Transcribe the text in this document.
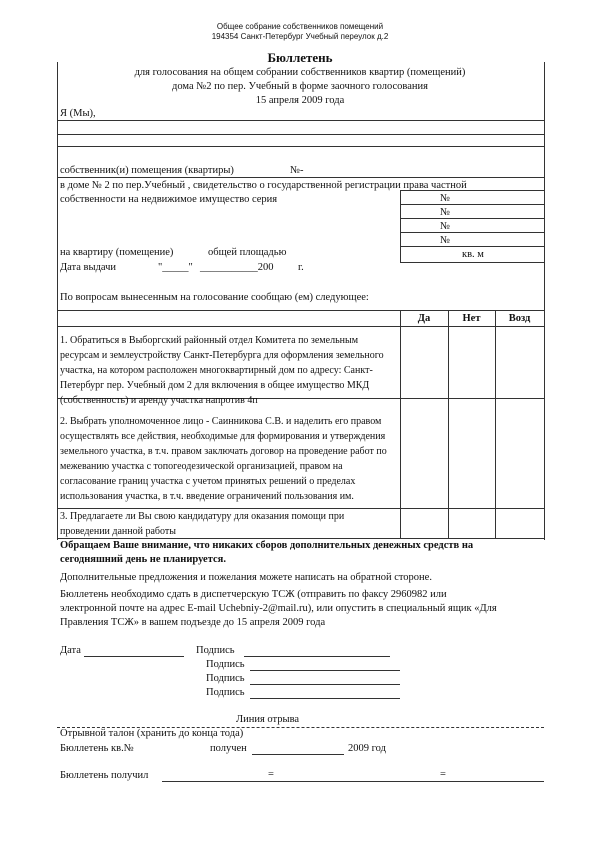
Общее собрание собственников помещений
194354 Санкт-Петербург Учебный переулок д.2
Бюллетень
для голосования на общем собрании собственников квартир (помещений)
дома №2 по пер. Учебный в форме заочного голосования
15 апреля 2009 года
Я (Мы),
собственник(и) помещения (квартиры)	№-
в доме № 2 по пер.Учебный , свидетельство о государственной регистрации права частной
собственности на недвижимое имущество серия	№
№
№
№
кв. м
на квартиру (помещение)	общей площадью
Дата выдачи	"_____" ___________200 г.
По вопросам вынесенным на голосование сообщаю (ем) следующее:
Да	Нет	Возд
1. Обратиться в Выборгский районный отдел Комитета по земельным ресурсам и землеустройству Санкт-Петербурга для оформления земельного участка, на котором расположен многоквартирный дом по адресу: Санкт-Петербург пер. Учебный дом 2 для включения в общее имущество МКД (собственность) и аренду участка напротив 4п
2. Выбрать уполномоченное лицо - Саинникова С.В. и наделить его правом осуществлять все действия, необходимые для формирования и утверждения земельного участка, в т.ч. правом заключать договор на проведение работ по межеванию участка с топогеодезической организацией, правом на согласование границ участка с учетом принятых решений о пределах использования участка, в т.ч. введение ограничений пользования им.
3. Предлагаете ли Вы свою кандидатуру для оказания помощи при проведении данной работы
Обращаем Ваше внимание, что никаких сборов дополнительных денежных средств на
сегодняшний день не планируется.
Дополнительные предложения и пожелания можете написать на обратной стороне.
Бюллетень необходимо сдать в диспетчерскую ТСЖ (отправить по факсу 2960982 или
электронной почте на адрес E-mail Uchebniy-2@mail.ru), или опустить в специальный ящик «Для
Правления ТСЖ» в вашем подъезде до 15 апреля 2009 года
Дата	Подпись
Подпись
Подпись
Подпись
Линия отрыва
Отрывной талон (хранить до конца тода)
Бюллетень кв.№	получен	2009 год
Бюллетень получил	=	=
